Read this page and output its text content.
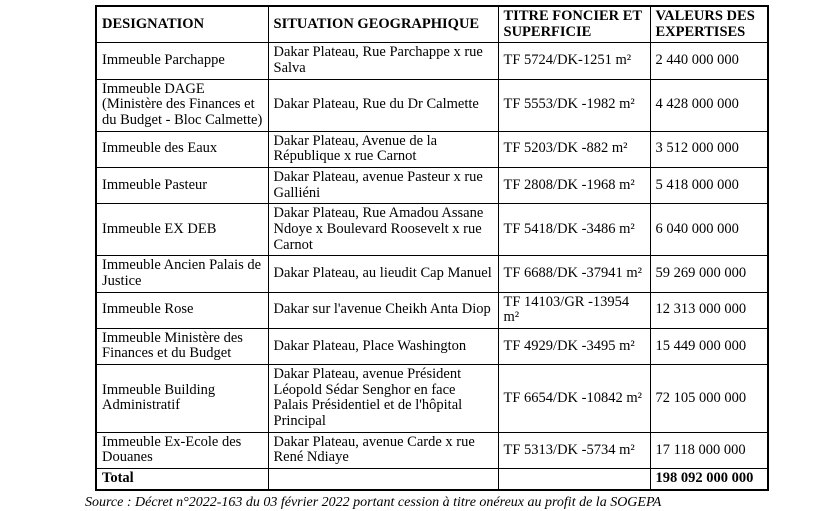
DESIGNATION	SITUATION GEOGRAPHIQUE	TITRE FONCIER ET SUPERFICIE	VALEURS DES EXPERTISES
Immeuble Parchappe	Dakar Plateau, Rue Parchappe x rue Salva	TF 5724/DK-1251 m²	2 440 000 000
Immeuble DAGE (Ministère des Finances et du Budget - Bloc Calmette)	Dakar Plateau, Rue du Dr Calmette	TF 5553/DK -1982 m²	4 428 000 000
Immeuble des Eaux	Dakar Plateau, Avenue de la République x rue Carnot	TF 5203/DK -882 m²	3 512 000 000
Immeuble Pasteur	Dakar Plateau, avenue Pasteur x rue Galliéni	TF 2808/DK -1968 m²	5 418 000 000
Immeuble EX DEB	Dakar Plateau, Rue Amadou Assane Ndoye x Boulevard Roosevelt x rue Carnot	TF 5418/DK -3486 m²	6 040 000 000
Immeuble Ancien Palais de Justice	Dakar Plateau, au lieudit Cap Manuel	TF 6688/DK -37941 m²	59 269 000 000
Immeuble Rose	Dakar sur l'avenue Cheikh Anta Diop	TF 14103/GR -13954 m²	12 313 000 000
Immeuble Ministère des Finances et du Budget	Dakar Plateau, Place Washington	TF 4929/DK -3495 m²	15 449 000 000
Immeuble Building Administratif	Dakar Plateau, avenue Président Léopold Sédar Senghor en face Palais Présidentiel et de l'hôpital Principal	TF 6654/DK -10842 m²	72 105 000 000
Immeuble Ex-Ecole des Douanes	Dakar Plateau, avenue Carde x rue René Ndiaye	TF 5313/DK -5734 m²	17 118 000 000
Total			198 092 000 000
Source : Décret n°2022-163 du 03 février 2022 portant cession à titre onéreux au profit de la SOGEPA
